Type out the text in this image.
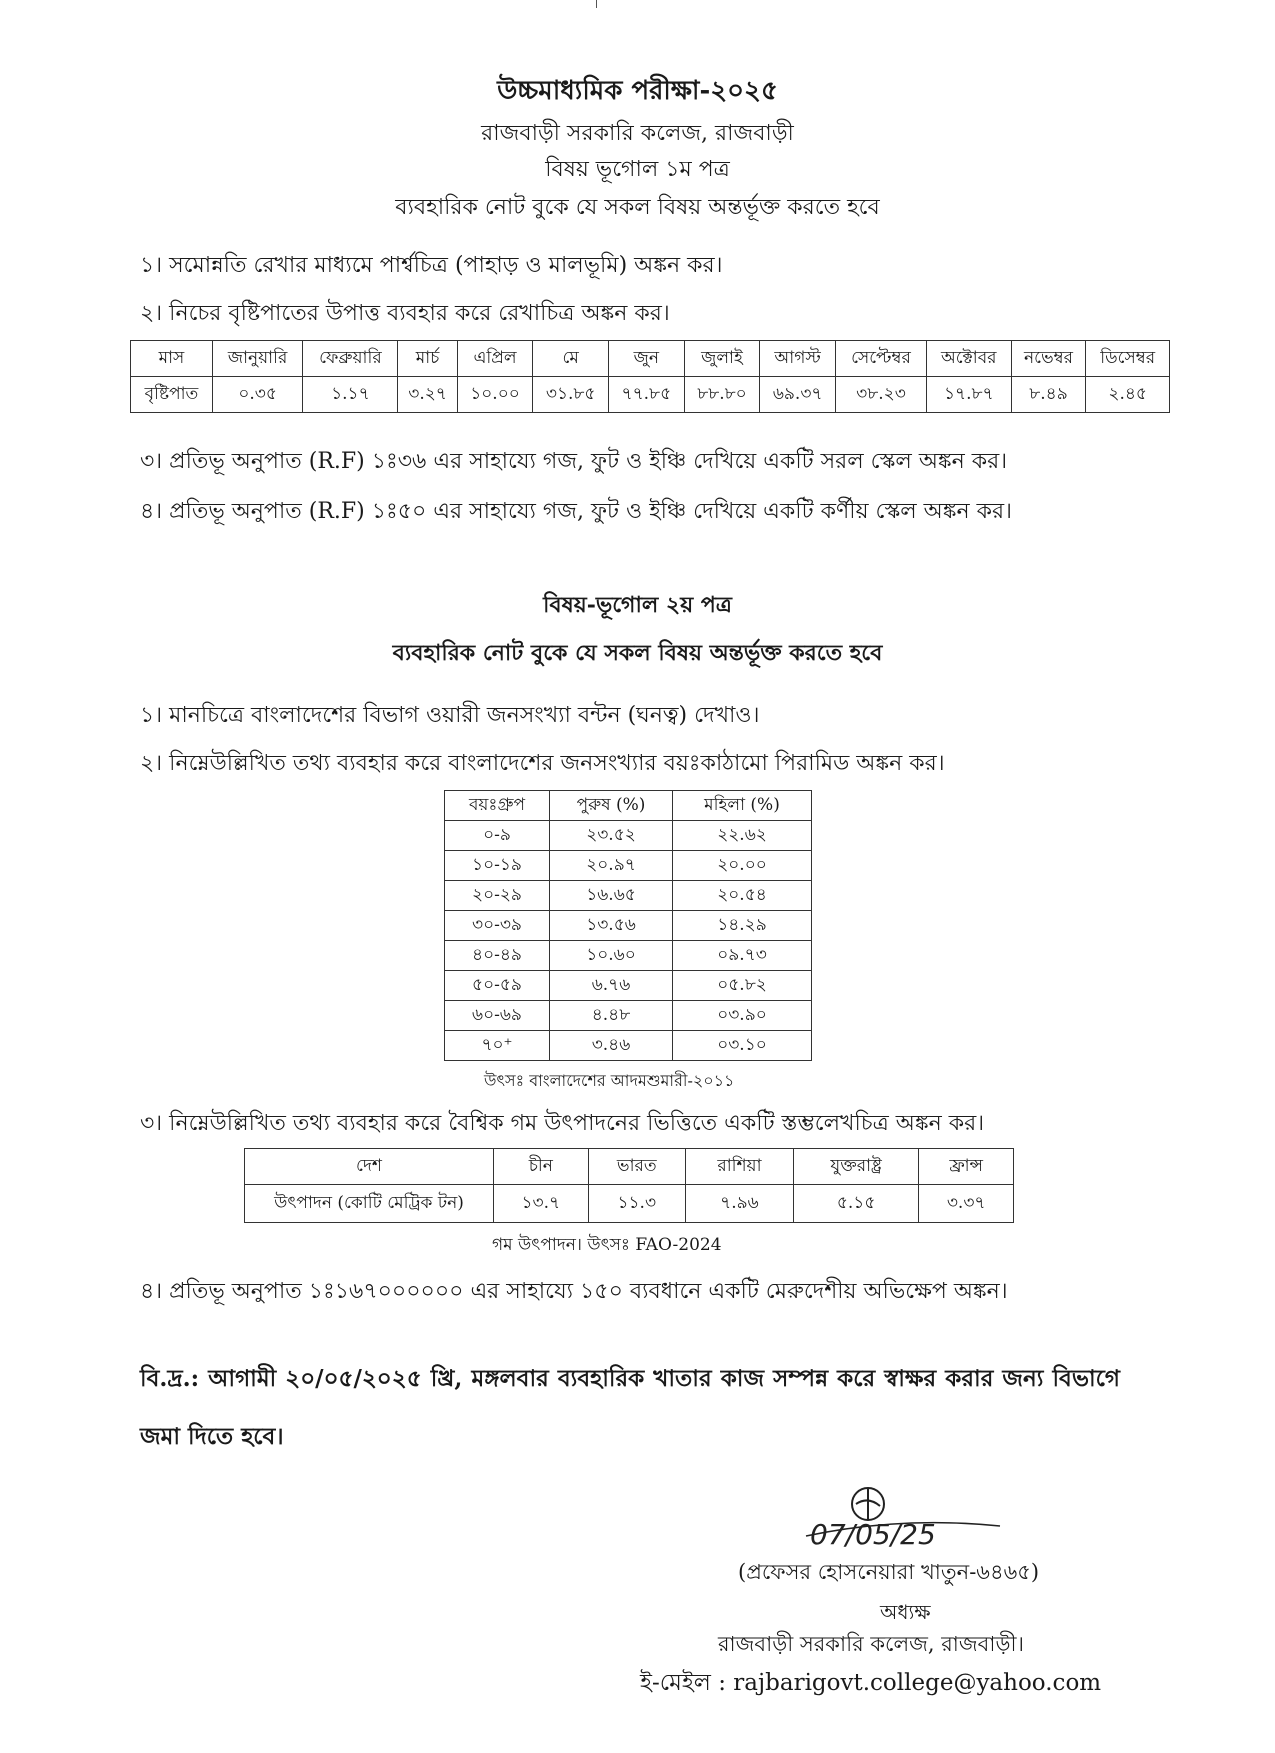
উচ্চমাধ্যমিক পরীক্ষা-২০২৫
রাজবাড়ী সরকারি কলেজ, রাজবাড়ী
বিষয় ভূগোল ১ম পত্র
ব্যবহারিক নোট বুকে যে সকল বিষয় অন্তর্ভূক্ত করতে হবে
১। সমোন্নতি রেখার মাধ্যমে পার্শ্বচিত্র (পাহাড় ও মালভূমি) অঙ্কন কর।
২। নিচের বৃষ্টিপাতের উপাত্ত ব্যবহার করে রেখাচিত্র অঙ্কন কর।
মাস	জানুয়ারি	ফেব্রুয়ারি	মার্চ	এপ্রিল	মে	জুন	জুলাই	আগস্ট	সেপ্টেম্বর	অক্টোবর	নভেম্বর	ডিসেম্বর
বৃষ্টিপাত	০.৩৫	১.১৭	৩.২৭	১০.০০	৩১.৮৫	৭৭.৮৫	৮৮.৮০	৬৯.৩৭	৩৮.২৩	১৭.৮৭	৮.৪৯	২.৪৫
৩। প্রতিভূ অনুপাত (R.F) ১ঃ৩৬ এর সাহায্যে গজ, ফুট ও ইঞ্চি দেখিয়ে একটি সরল স্কেল অঙ্কন কর।
৪। প্রতিভূ অনুপাত (R.F) ১ঃ৫০ এর সাহায্যে গজ, ফুট ও ইঞ্চি দেখিয়ে একটি কর্ণীয় স্কেল অঙ্কন কর।
বিষয়-ভূগোল ২য় পত্র
ব্যবহারিক নোট বুকে যে সকল বিষয় অন্তর্ভূক্ত করতে হবে
১। মানচিত্রে বাংলাদেশের বিভাগ ওয়ারী জনসংখ্যা বন্টন (ঘনত্ব) দেখাও।
২। নিম্নেউল্লিখিত তথ্য ব্যবহার করে বাংলাদেশের জনসংখ্যার বয়ঃকাঠামো পিরামিড অঙ্কন কর।
বয়ঃগ্রুপ	পুরুষ (%)	মহিলা (%)
০-৯	২৩.৫২	২২.৬২
১০-১৯	২০.৯৭	২০.০০
২০-২৯	১৬.৬৫	২০.৫৪
৩০-৩৯	১৩.৫৬	১৪.২৯
৪০-৪৯	১০.৬০	০৯.৭৩
৫০-৫৯	৬.৭৬	০৫.৮২
৬০-৬৯	৪.৪৮	০৩.৯০
৭০⁺	৩.৪৬	০৩.১০
উৎসঃ বাংলাদেশের আদমশুমারী-২০১১
৩। নিম্নেউল্লিখিত তথ্য ব্যবহার করে বৈশ্বিক গম উৎপাদনের ভিত্তিতে একটি স্তম্ভলেখচিত্র অঙ্কন কর।
দেশ	চীন	ভারত	রাশিয়া	যুক্তরাষ্ট্র	ফ্রান্স
উৎপাদন (কোটি মেট্রিক টন)	১৩.৭	১১.৩	৭.৯৬	৫.১৫	৩.৩৭
গম উৎপাদন। উৎসঃ FAO-2024
৪। প্রতিভূ অনুপাত ১ঃ১৬৭০০০০০০ এর সাহায্যে ১৫০ ব্যবধানে একটি মেরুদেশীয় অভিক্ষেপ অঙ্কন।
বি.দ্র.: আগামী ২০/০৫/২০২৫ খ্রি, মঙ্গলবার ব্যবহারিক খাতার কাজ সম্পন্ন করে স্বাক্ষর করার জন্য বিভাগে জমা দিতে হবে।
07/05/25
(প্রফেসর হোসনেয়ারা খাতুন-৬৪৬৫)
অধ্যক্ষ
রাজবাড়ী সরকারি কলেজ, রাজবাড়ী।
ই-মেইল : rajbarigovt.college@yahoo.com
